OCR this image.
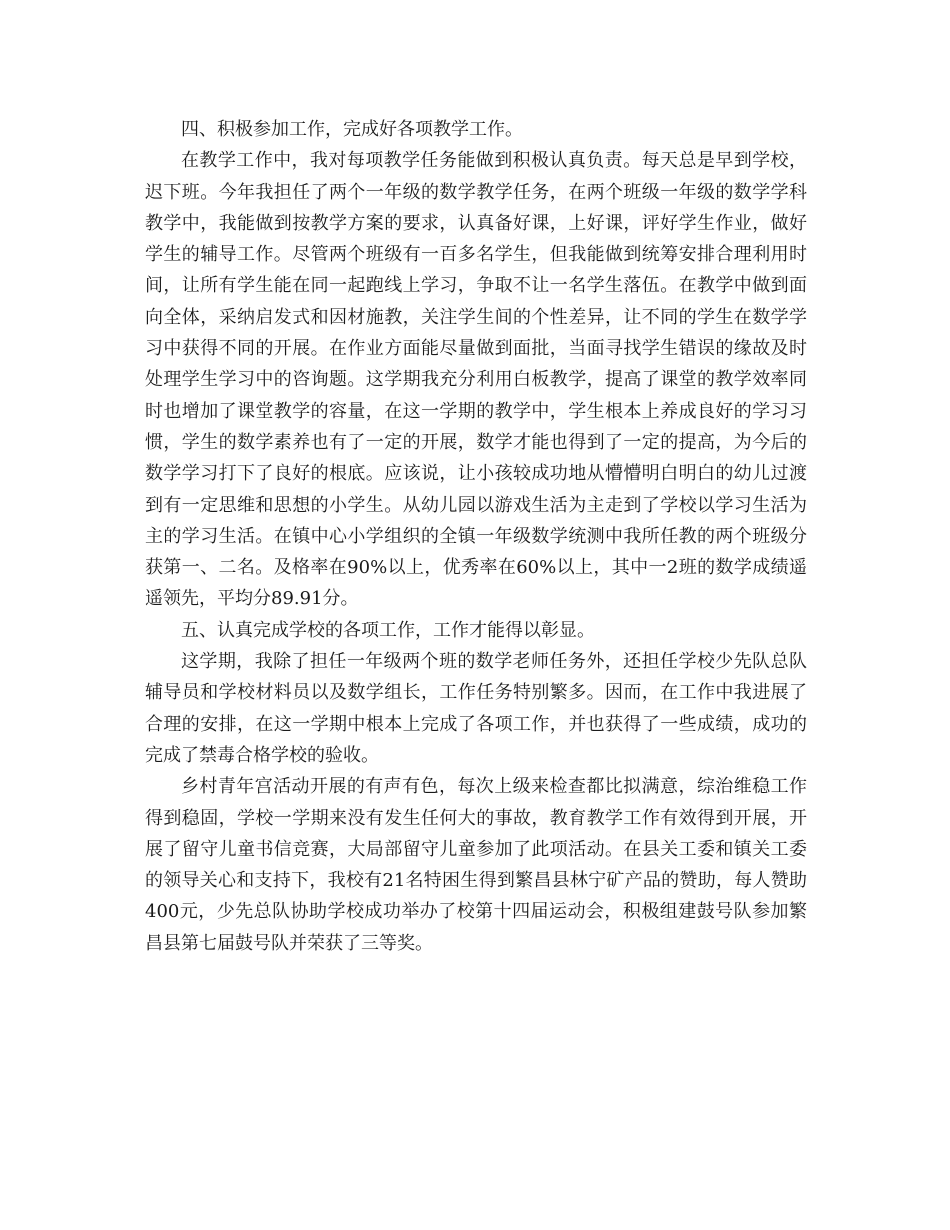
四、积极参加工作，完成好各项教学工作。

在教学工作中，我对每项教学任务能做到积极认真负责。每天总是早到学校，迟下班。今年我担任了两个一年级的数学教学任务，在两个班级一年级的数学学科教学中，我能做到按教学方案的要求，认真备好课，上好课，评好学生作业，做好学生的辅导工作。尽管两个班级有一百多名学生，但我能做到统筹安排合理利用时间，让所有学生能在同一起跑线上学习，争取不让一名学生落伍。在教学中做到面向全体，采纳启发式和因材施教，关注学生间的个性差异，让不同的学生在数学学习中获得不同的开展。在作业方面能尽量做到面批，当面寻找学生错误的缘故及时处理学生学习中的咨询题。这学期我充分利用白板教学，提高了课堂的教学效率同时也增加了课堂教学的容量，在这一学期的教学中，学生根本上养成良好的学习习惯，学生的数学素养也有了一定的开展，数学才能也得到了一定的提高，为今后的数学学习打下了良好的根底。应该说，让小孩较成功地从懵懵明白明白的幼儿过渡到有一定思维和思想的小学生。从幼儿园以游戏生活为主走到了学校以学习生活为主的学习生活。在镇中心小学组织的全镇一年级数学统测中我所任教的两个班级分获第一、二名。及格率在90%以上，优秀率在60%以上，其中一2班的数学成绩遥遥领先，平均分89.91分。

五、认真完成学校的各项工作，工作才能得以彰显。

这学期，我除了担任一年级两个班的数学老师任务外，还担任学校少先队总队辅导员和学校材料员以及数学组长，工作任务特别繁多。因而，在工作中我进展了合理的安排，在这一学期中根本上完成了各项工作，并也获得了一些成绩，成功的完成了禁毒合格学校的验收。

乡村青年宫活动开展的有声有色，每次上级来检查都比拟满意，综治维稳工作得到稳固，学校一学期来没有发生任何大的事故，教育教学工作有效得到开展，开展了留守儿童书信竞赛，大局部留守儿童参加了此项活动。在县关工委和镇关工委的领导关心和支持下，我校有21名特困生得到繁昌县林宁矿产品的赞助，每人赞助400元，少先总队协助学校成功举办了校第十四届运动会，积极组建鼓号队参加繁昌县第七届鼓号队并荣获了三等奖。
